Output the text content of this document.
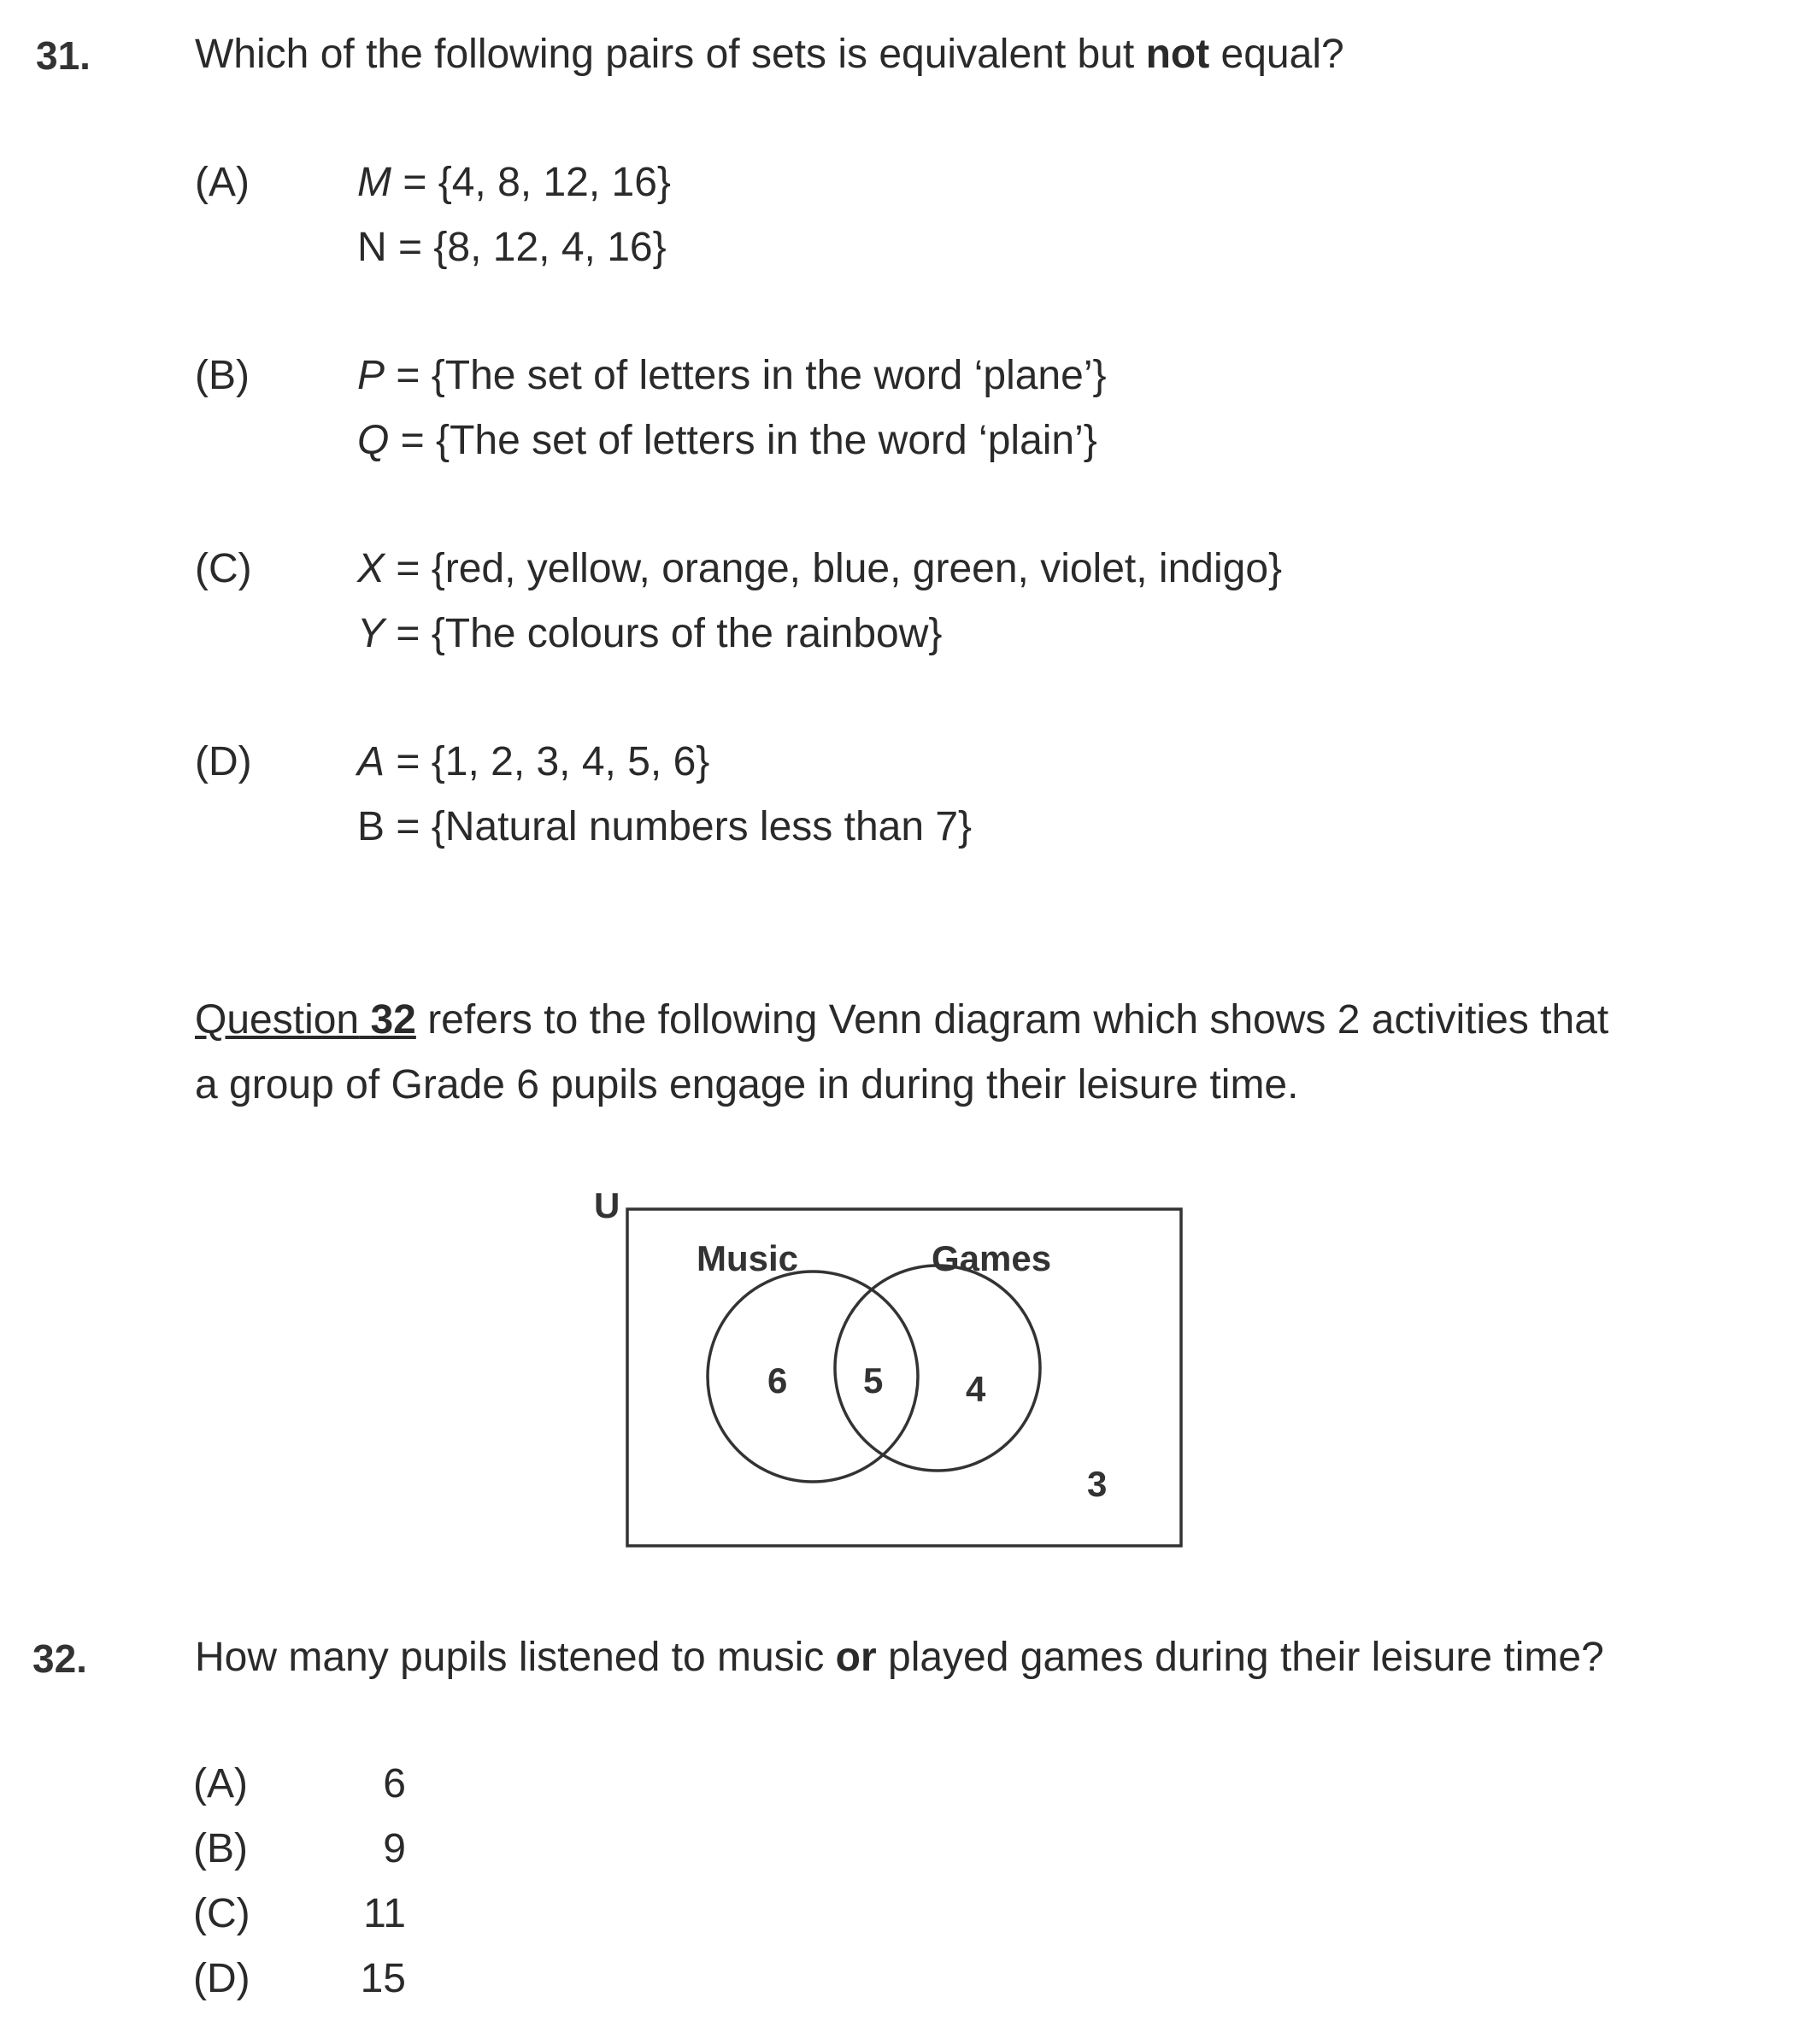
31.	Which of the following pairs of sets is equivalent but not equal?
(A)	M = {4, 8, 12, 16}
N = {8, 12, 4, 16}
(B)	P = {The set of letters in the word ‘plane’}
Q = {The set of letters in the word ‘plain’}
(C)	X = {red, yellow, orange, blue, green, violet, indigo}
Y = {The colours of the rainbow}
(D)	A = {1, 2, 3, 4, 5, 6}
B = {Natural numbers less than 7}
Question 32 refers to the following Venn diagram which shows 2 activities that
a group of Grade 6 pupils engage in during their leisure time.
U
Music	Games
6 5 4
3
32.	How many pupils listened to music or played games during their leisure time?
(A)	6
(B)	9
(C)	11
(D)	15
